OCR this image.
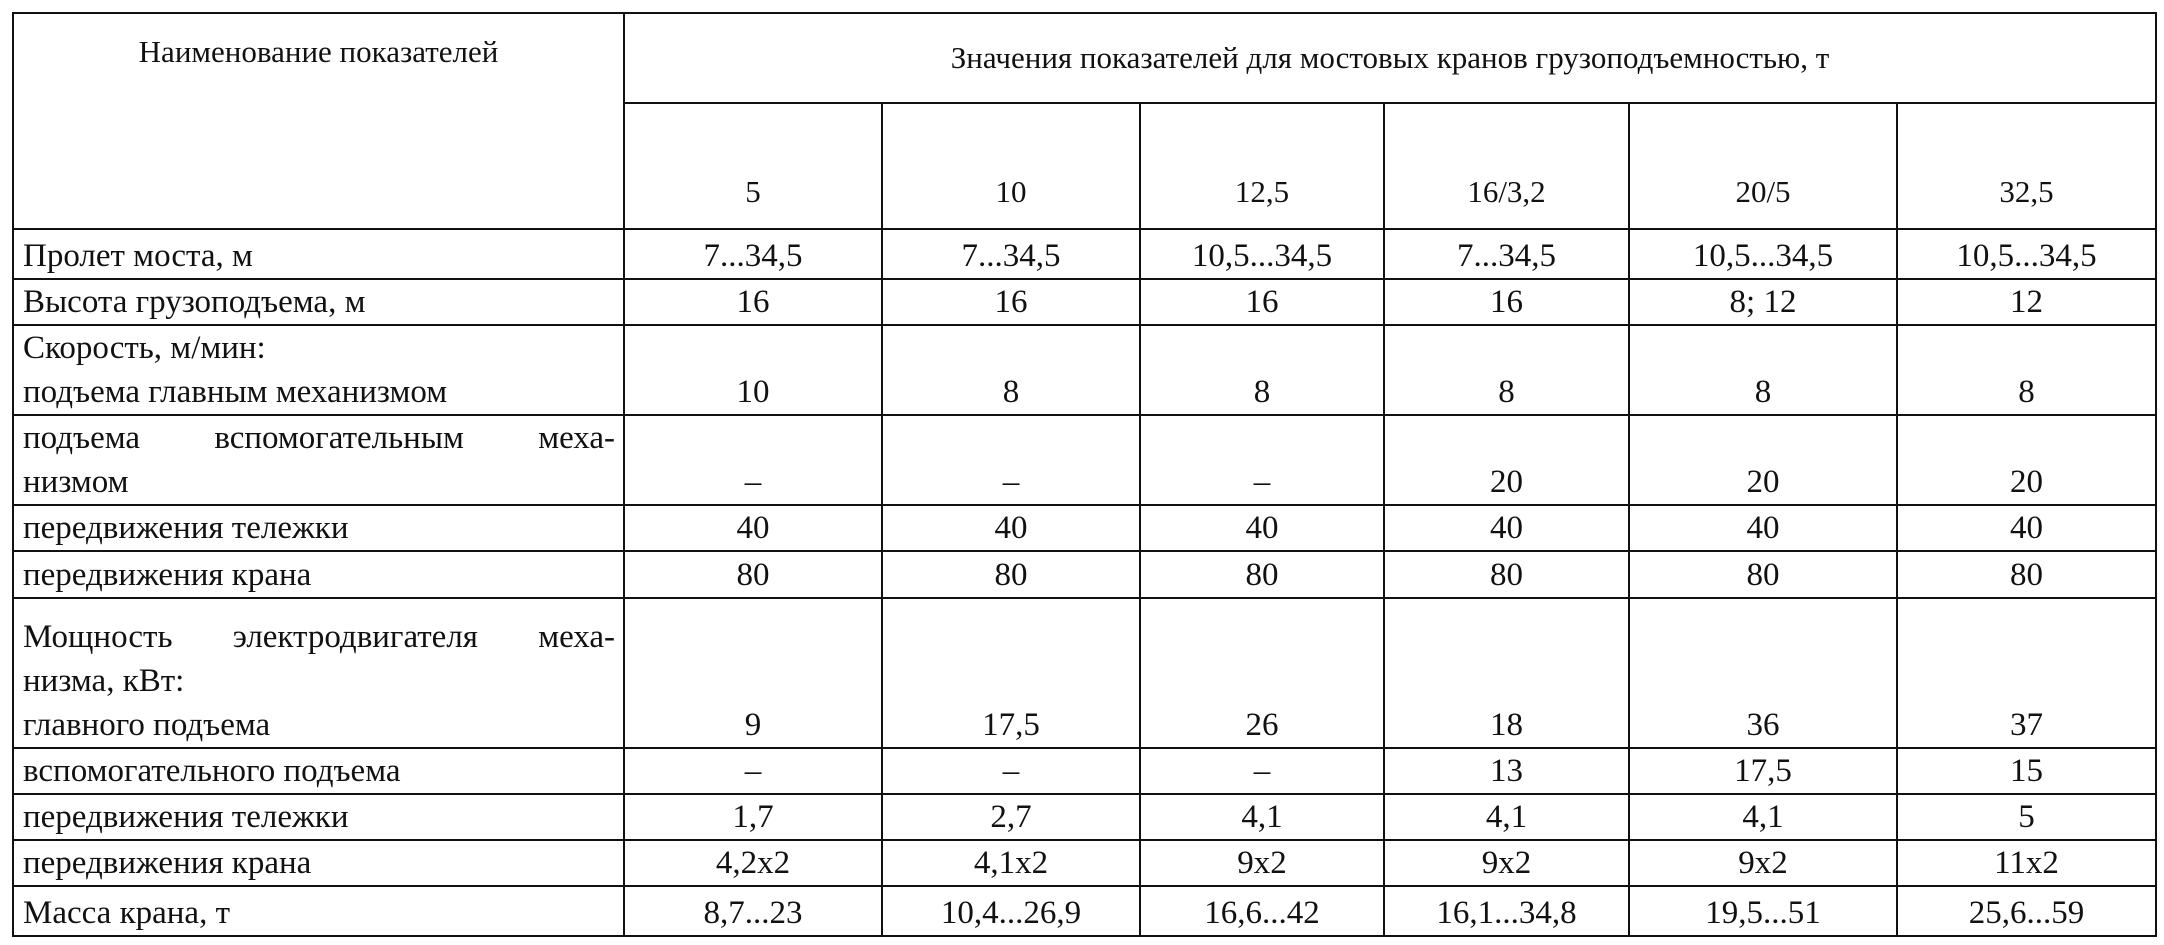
Наименование показателей	Значения показателей для мостовых кранов грузоподъемностью, т					
	5	10	12,5	16/3,2	20/5	32,5

Пролет моста, м	7...34,5	7...34,5	10,5...34,5	7...34,5	10,5...34,5	10,5...34,5

Высота грузоподъема, м	16	16	16	16	8; 12	12

Скорость, м/мин:
подъема главным механизмом	10	8	8	8	8	8

подъема вспомогательным меха-
низмом	–	–	–	20	20	20

передвижения тележки	40	40	40	40	40	40

передвижения крана	80	80	80	80	80	80

Мощность электродвигателя меха-
низма, кВт:
главного подъема	9	17,5	26	18	36	37

вспомогательного подъема	–	–	–	13	17,5	15

передвижения тележки	1,7	2,7	4,1	4,1	4,1	5

передвижения крана	4,2x2	4,1x2	9x2	9x2	9x2	11x2

Масса крана, т	8,7...23	10,4...26,9	16,6...42	16,1...34,8	19,5...51	25,6...59
